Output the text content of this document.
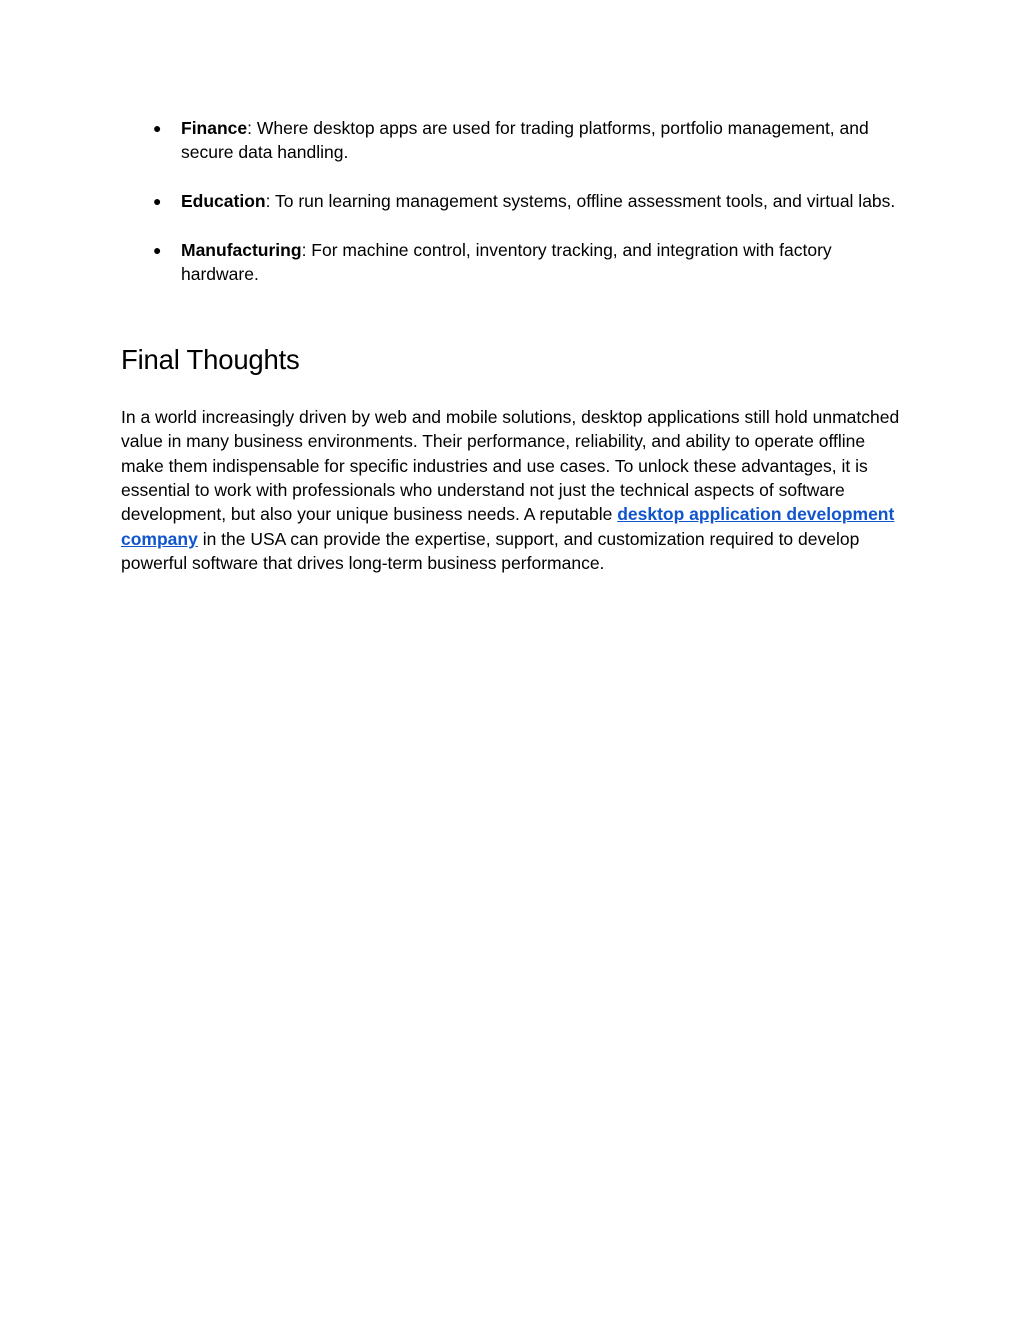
● Finance: Where desktop apps are used for trading platforms, portfolio management, and secure data handling.
● Education: To run learning management systems, offline assessment tools, and virtual labs.
● Manufacturing: For machine control, inventory tracking, and integration with factory hardware.
Final Thoughts

In a world increasingly driven by web and mobile solutions, desktop applications still hold unmatched value in many business environments. Their performance, reliability, and ability to operate offline make them indispensable for specific industries and use cases. To unlock these advantages, it is essential to work with professionals who understand not just the technical aspects of software development, but also your unique business needs. A reputable desktop application development company in the USA can provide the expertise, support, and customization required to develop powerful software that drives long-term business performance.
